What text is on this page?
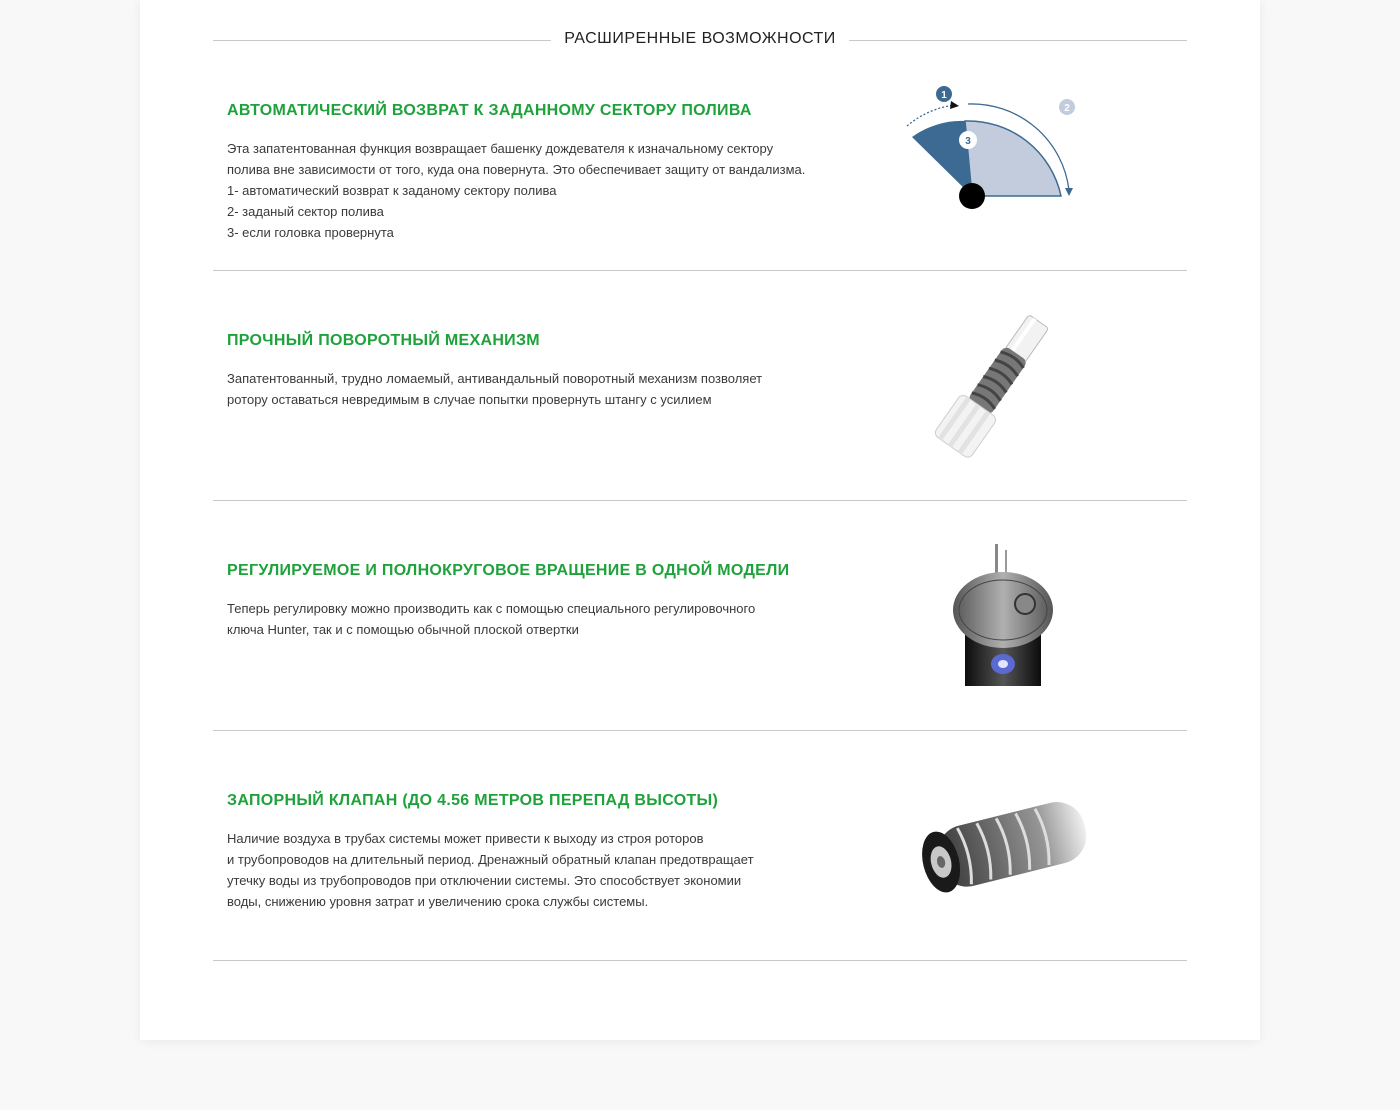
РАСШИРЕННЫЕ ВОЗМОЖНОСТИ
АВТОМАТИЧЕСКИЙ ВОЗВРАТ К ЗАДАННОМУ СЕКТОРУ ПОЛИВА
Эта запатентованная функция возвращает башенку дождевателя к изначальному сектору
полива вне зависимости от того, куда она повернута. Это обеспечивает защиту от вандализма.
1- автоматический возврат к заданому сектору полива
2- заданый сектор полива
3- если головка провернута
1
2
3
ПРОЧНЫЙ ПОВОРОТНЫЙ МЕХАНИЗМ
Запатентованный, трудно ломаемый, антивандальный поворотный механизм позволяет
ротору оставаться невредимым в случае попытки провернуть штангу с усилием
РЕГУЛИРУЕМОЕ И ПОЛНОКРУГОВОЕ ВРАЩЕНИЕ В ОДНОЙ МОДЕЛИ
Теперь регулировку можно производить как с помощью специального регулировочного
ключа Hunter, так и с помощью обычной плоской отвертки
ЗАПОРНЫЙ КЛАПАН (ДО 4.56 МЕТРОВ ПЕРЕПАД ВЫСОТЫ)
Наличие воздуха в трубах системы может привести к выходу из строя роторов
и трубопроводов на длительный период. Дренажный обратный клапан предотвращает
утечку воды из трубопроводов при отключении системы. Это способствует экономии
воды, снижению уровня затрат и увеличению срока службы системы.
